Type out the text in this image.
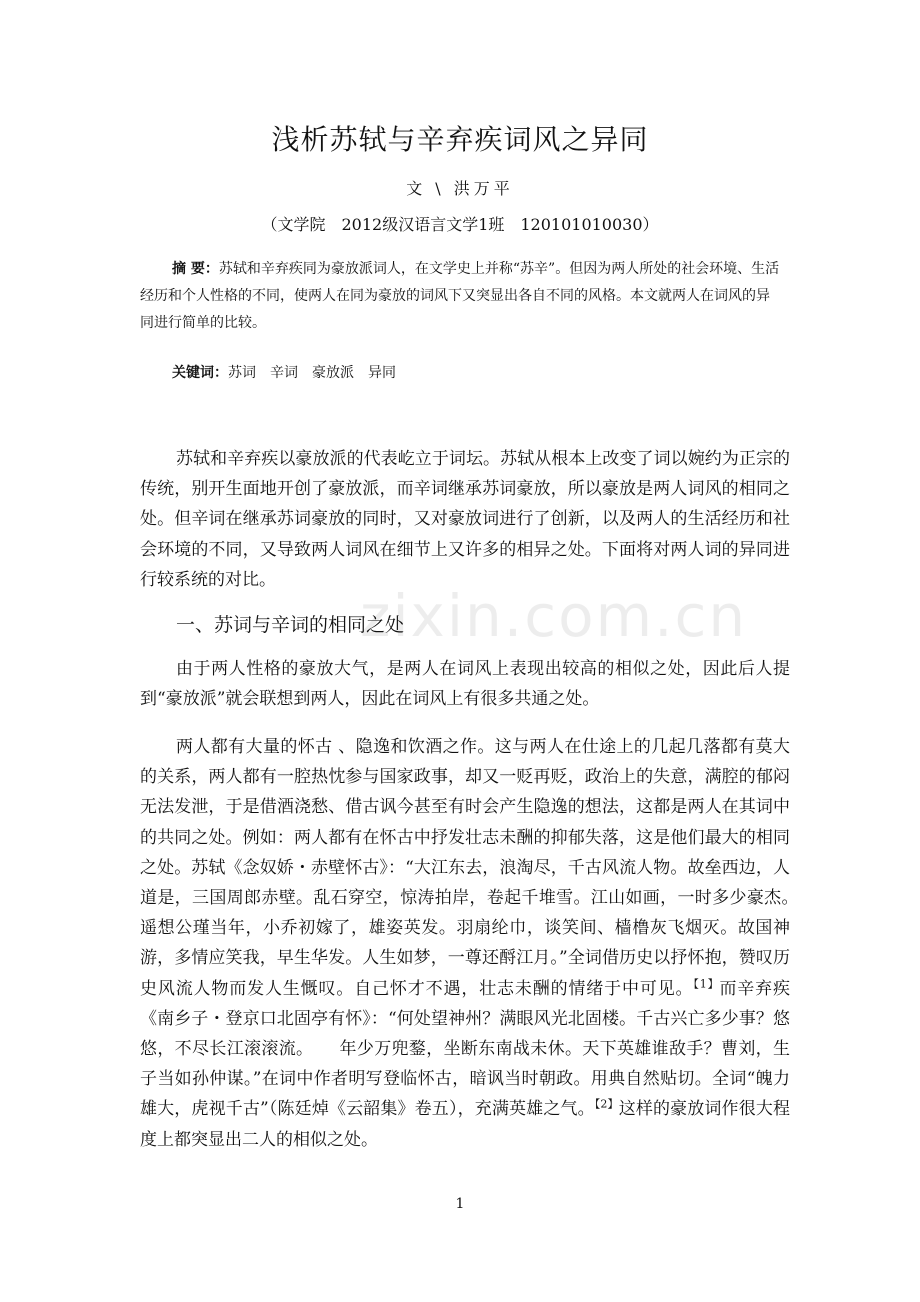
zixin.com.cn
浅析苏轼与辛弃疾词风之异同
文 \ 洪万平
（文学院　2012级汉语言文学1班　120101010030）
摘 要：苏轼和辛弃疾同为豪放派词人，在文学史上并称“苏辛”。但因为两人所处的社会环境、生活经历和个人性格的不同，使两人在同为豪放的词风下又突显出各自不同的风格。本文就两人在词风的异同进行简单的比较。
关键词：苏词　辛词　豪放派　异同
苏轼和辛弃疾以豪放派的代表屹立于词坛。苏轼从根本上改变了词以婉约为正宗的传统，别开生面地开创了豪放派，而辛词继承苏词豪放，所以豪放是两人词风的相同之处。但辛词在继承苏词豪放的同时，又对豪放词进行了创新，以及两人的生活经历和社会环境的不同，又导致两人词风在细节上又许多的相异之处。下面将对两人词的异同进行较系统的对比。
一、苏词与辛词的相同之处
由于两人性格的豪放大气，是两人在词风上表现出较高的相似之处，因此后人提到“豪放派”就会联想到两人，因此在词风上有很多共通之处。
两人都有大量的怀古 、隐逸和饮酒之作。这与两人在仕途上的几起几落都有莫大的关系，两人都有一腔热忱参与国家政事，却又一贬再贬，政治上的失意，满腔的郁闷无法发泄，于是借酒浇愁、借古讽今甚至有时会产生隐逸的想法，这都是两人在其词中的共同之处。例如：两人都有在怀古中抒发壮志未酬的抑郁失落，这是他们最大的相同之处。苏轼《念奴娇・赤壁怀古》：“大江东去，浪淘尽，千古风流人物。故垒西边，人道是，三国周郎赤壁。乱石穿空，惊涛拍岸，卷起千堆雪。江山如画，一时多少豪杰。　遥想公瑾当年，小乔初嫁了，雄姿英发。羽扇纶巾，谈笑间、樯橹灰飞烟灭。故国神游，多情应笑我，早生华发。人生如梦，一尊还酹江月。”全词借历史以抒怀抱，赞叹历史风流人物而发人生慨叹。自己怀才不遇，壮志未酬的情绪于中可见。$^{【1】}$而辛弃疾《南乡子・登京口北固亭有怀》：“何处望神州？满眼风光北固楼。千古兴亡多少事？悠悠，不尽长江滚滚流。　　年少万兜鍪，坐断东南战未休。天下英雄谁敌手？曹刘，生子当如孙仲谋。”在词中作者明写登临怀古，暗讽当时朝政。用典自然贴切。全词“魄力雄大，虎视千古”（陈廷焯《云韶集》卷五），充满英雄之气。$^{【2】}$这样的豪放词作很大程度上都突显出二人的相似之处。
1
